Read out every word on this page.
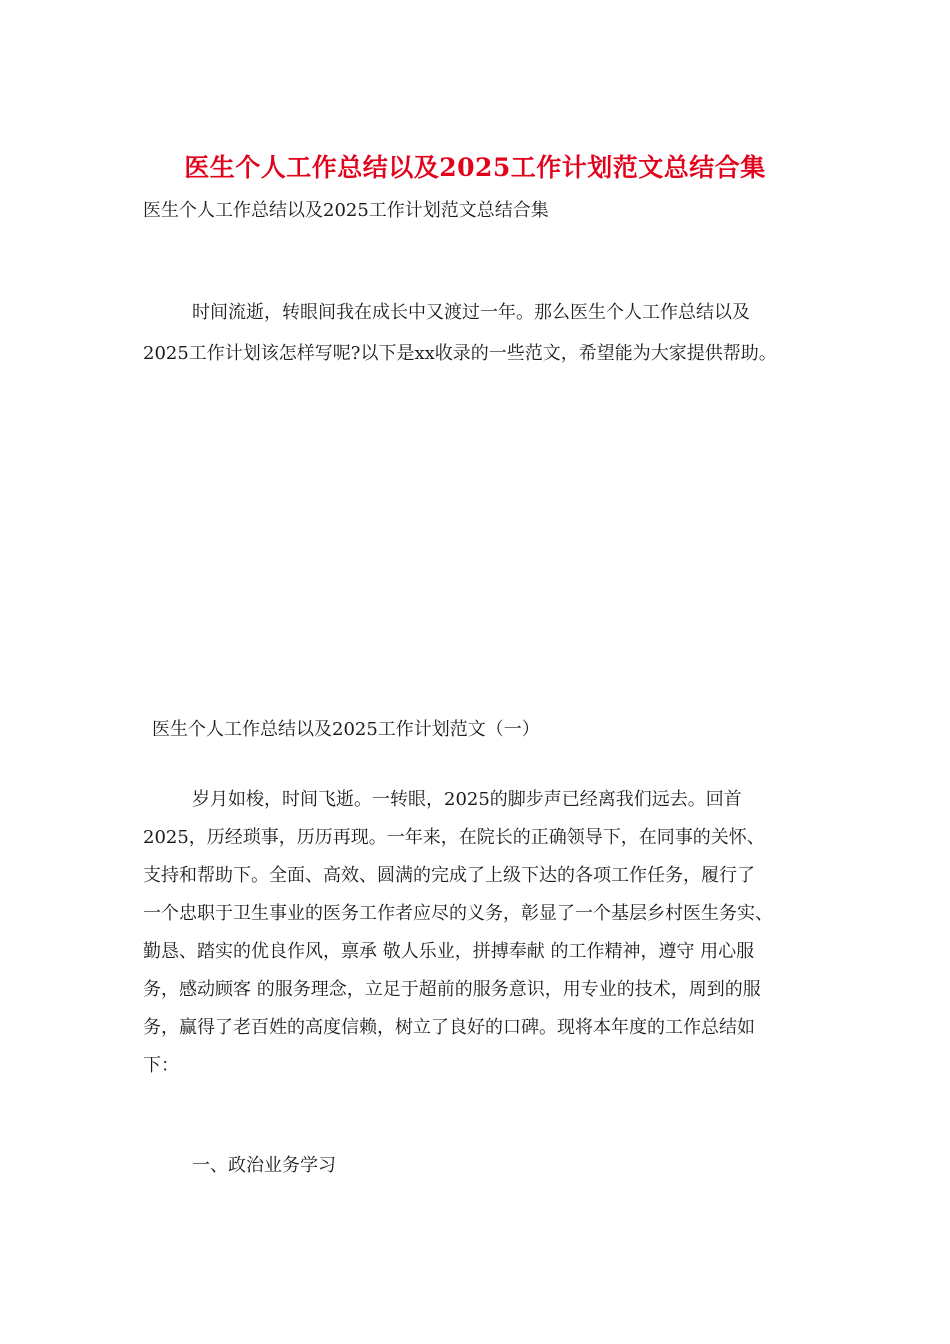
医生个人工作总结以及2025工作计划范文总结合集
医生个人工作总结以及2025工作计划范文总结合集
时间流逝，转眼间我在成长中又渡过一年。那么医生个人工作总结以及
2025工作计划该怎样写呢?以下是xx收录的一些范文，希望能为大家提供帮助。
医生个人工作总结以及2025工作计划范文（一）
岁月如梭，时间飞逝。一转眼，2025的脚步声已经离我们远去。回首
2025，历经琐事，历历再现。一年来，在院长的正确领导下，在同事的关怀、
支持和帮助下。全面、高效、圆满的完成了上级下达的各项工作任务，履行了
一个忠职于卫生事业的医务工作者应尽的义务，彰显了一个基层乡村医生务实、
勤恳、踏实的优良作风，禀承 敬人乐业，拼搏奉献 的工作精神，遵守 用心服
务，感动顾客 的服务理念，立足于超前的服务意识，用专业的技术，周到的服
务，赢得了老百姓的高度信赖，树立了良好的口碑。现将本年度的工作总结如
下：
一、政治业务学习
